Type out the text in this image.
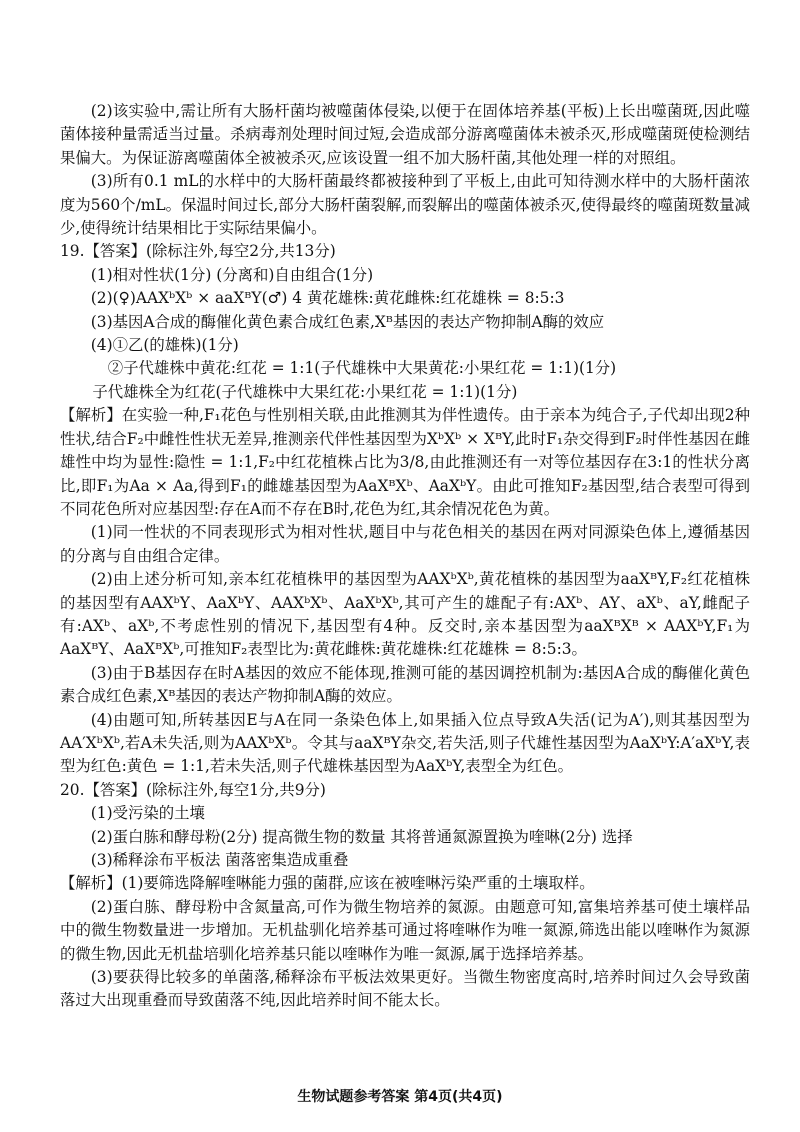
(2)该实验中,需让所有大肠杆菌均被噬菌体侵染,以便于在固体培养基(平板)上长出噬菌斑,因此噬菌体接种量需适当过量。杀病毒剂处理时间过短,会造成部分游离噬菌体未被杀灭,形成噬菌斑使检测结果偏大。为保证游离噬菌体全被被杀灭,应该设置一组不加大肠杆菌,其他处理一样的对照组。

(3)所有0.1 mL的水样中的大肠杆菌最终都被接种到了平板上,由此可知待测水样中的大肠杆菌浓度为560个/mL。保温时间过长,部分大肠杆菌裂解,而裂解出的噬菌体被杀灭,使得最终的噬菌斑数量减少,使得统计结果相比于实际结果偏小。

19.【答案】(除标注外,每空2分,共13分)

(1)相对性状(1分) (分离和)自由组合(1分)

(2)(♀)AAXᵇXᵇ × aaXᴮY(♂) 4 黄花雄株:黄花雌株:红花雄株 = 8:5:3

(3)基因A合成的酶催化黄色素合成红色素,Xᴮ基因的表达产物抑制A酶的效应

(4)①乙(的雄株)(1分)

②子代雄株中黄花:红花 = 1:1(子代雄株中大果黄花:小果红花 = 1:1)(1分)

子代雄株全为红花(子代雄株中大果红花:小果红花 = 1:1)(1分)

【解析】在实验一种,F₁花色与性别相关联,由此推测其为伴性遗传。由于亲本为纯合子,子代却出现2种性状,结合F₂中雌性性状无差异,推测亲代伴性基因型为XᵇXᵇ × XᴮY,此时F₁杂交得到F₂时伴性基因在雌雄性中均为显性:隐性 = 1:1,F₂中红花植株占比为3/8,由此推测还有一对等位基因存在3:1的性状分离比,即F₁为Aa × Aa,得到F₁的雌雄基因型为AaXᴮXᵇ、AaXᵇY。由此可推知F₂基因型,结合表型可得到不同花色所对应基因型:存在A而不存在B时,花色为红,其余情况花色为黄。

(1)同一性状的不同表现形式为相对性状,题目中与花色相关的基因在两对同源染色体上,遵循基因的分离与自由组合定律。

(2)由上述分析可知,亲本红花植株甲的基因型为AAXᵇXᵇ,黄花植株的基因型为aaXᴮY,F₂红花植株的基因型有AAXᵇY、AaXᵇY、AAXᵇXᵇ、AaXᵇXᵇ,其可产生的雄配子有:AXᵇ、AY、aXᵇ、aY,雌配子有:AXᵇ、aXᵇ,不考虑性别的情况下,基因型有4种。反交时,亲本基因型为aaXᴮXᴮ × AAXᵇY,F₁为AaXᴮY、AaXᴮXᵇ,可推知F₂表型比为:黄花雌株:黄花雄株:红花雄株 = 8:5:3。

(3)由于B基因存在时A基因的效应不能体现,推测可能的基因调控机制为:基因A合成的酶催化黄色素合成红色素,Xᴮ基因的表达产物抑制A酶的效应。

(4)由题可知,所转基因E与A在同一条染色体上,如果插入位点导致A失活(记为A′),则其基因型为AA′XᵇXᵇ,若A未失活,则为AAXᵇXᵇ。令其与aaXᴮY杂交,若失活,则子代雄性基因型为AaXᵇY:A′aXᵇY,表型为红色:黄色 = 1:1,若未失活,则子代雄株基因型为AaXᵇY,表型全为红色。

20.【答案】(除标注外,每空1分,共9分)

(1)受污染的土壤

(2)蛋白胨和酵母粉(2分) 提高微生物的数量 其将普通氮源置换为喹啉(2分) 选择

(3)稀释涂布平板法 菌落密集造成重叠

【解析】(1)要筛选降解喹啉能力强的菌群,应该在被喹啉污染严重的土壤取样。

(2)蛋白胨、酵母粉中含氮量高,可作为微生物培养的氮源。由题意可知,富集培养基可使土壤样品中的微生物数量进一步增加。无机盐驯化培养基可通过将喹啉作为唯一氮源,筛选出能以喹啉作为氮源的微生物,因此无机盐培驯化培养基只能以喹啉作为唯一氮源,属于选择培养基。

(3)要获得比较多的单菌落,稀释涂布平板法效果更好。当微生物密度高时,培养时间过久会导致菌落过大出现重叠而导致菌落不纯,因此培养时间不能太长。

生物试题参考答案 第4页(共4页)
